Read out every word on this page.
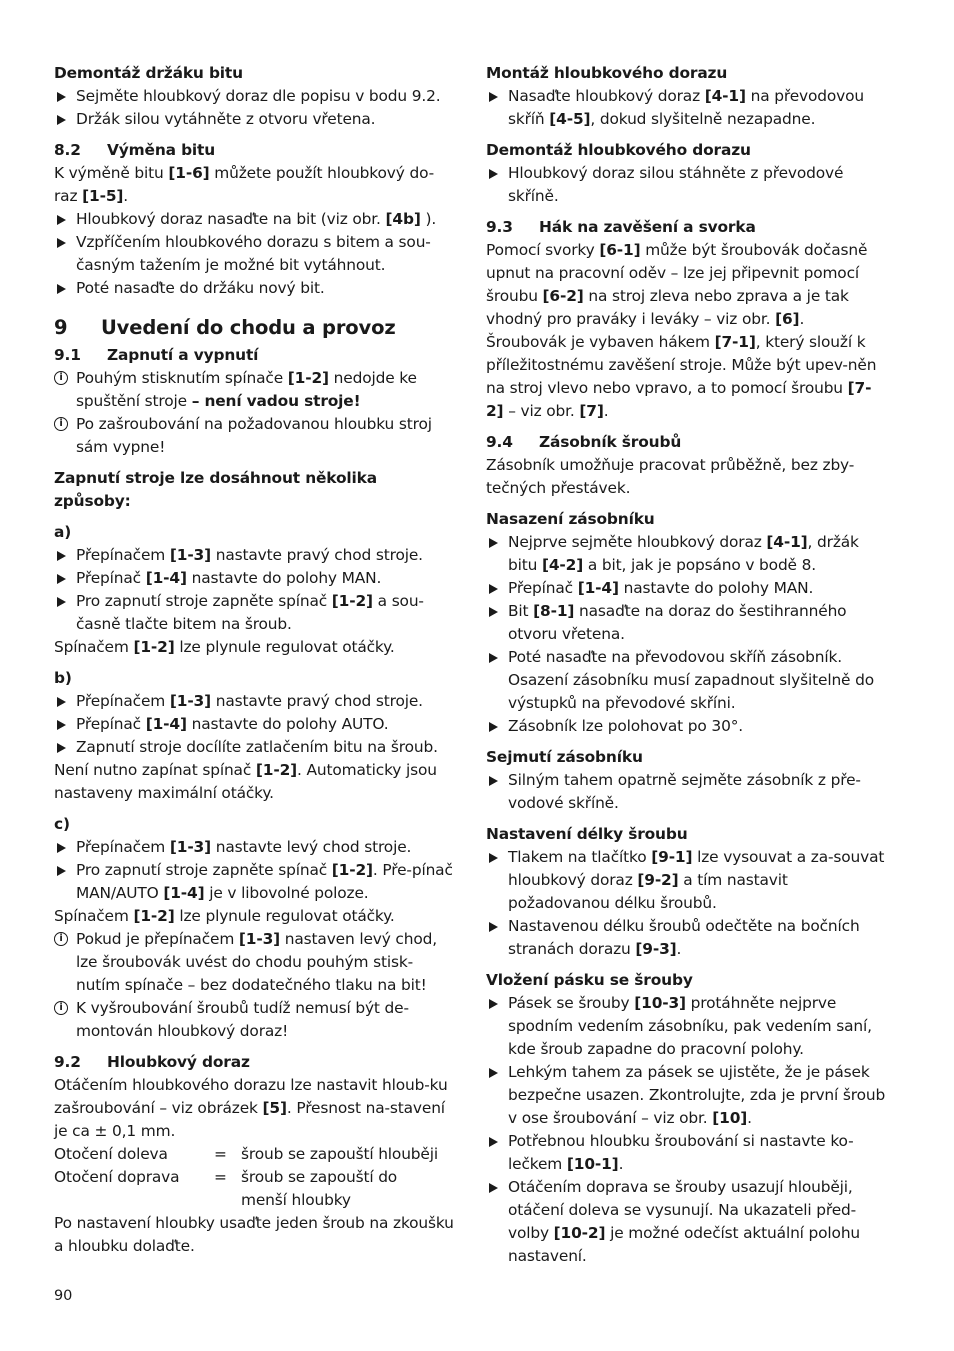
Demontáž držáku bitu
Sejměte hloubkový doraz dle popisu v bodu 9.2.
Držák silou vytáhněte z otvoru vřetena.
8.2 Výměna bitu
K výměně bitu [1-6] můžete použít hloubkový do-raz [1-5].
Hloubkový doraz nasaďte na bit (viz obr. [4b] ).
Vzpříčením hloubkového dorazu s bitem a sou-časným tažením je možné bit vytáhnout.
Poté nasaďte do držáku nový bit.
9 Uvedení do chodu a provoz
9.1 Zapnutí a vypnutí
i Pouhým stisknutím spínače [1-2] nedojde ke spuštění stroje – není vadou stroje!
i Po zašroubování na požadovanou hloubku stroj sám vypne!
Zapnutí stroje lze dosáhnout několika způsoby:
a)
Přepínačem [1-3] nastavte pravý chod stroje.
Přepínač [1-4] nastavte do polohy MAN.
Pro zapnutí stroje zapněte spínač [1-2] a sou-časně tlačte bitem na šroub.
Spínačem [1-2] lze plynule regulovat otáčky.
b)
Přepínačem [1-3] nastavte pravý chod stroje.
Přepínač [1-4] nastavte do polohy AUTO.
Zapnutí stroje docílíte zatlačením bitu na šroub.
Není nutno zapínat spínač [1-2]. Automaticky jsou nastaveny maximální otáčky.
c)
Přepínačem [1-3] nastavte levý chod stroje.
Pro zapnutí stroje zapněte spínač [1-2]. Pře-pínač MAN/AUTO [1-4] je v libovolné poloze.
Spínačem [1-2] lze plynule regulovat otáčky.
i Pokud je přepínačem [1-3] nastaven levý chod, lze šroubovák uvést do chodu pouhým stisk-nutím spínače – bez dodatečného tlaku na bit!
i K vyšroubování šroubů tudíž nemusí být de-montován hloubkový doraz!
9.2 Hloubkový doraz
Otáčením hloubkového dorazu lze nastavit hloub-ku zašroubování – viz obrázek [5]. Přesnost na-stavení je ca ± 0,1 mm.
Otočení doleva	= šroub se zapouští hlouběji
Otočení doprava	= šroub se zapouští do menší hloubky
Po nastavení hloubky usaďte jeden šroub na zkoušku a hloubku dolaďte.
Montáž hloubkového dorazu
Nasaďte hloubkový doraz [4-1] na převodovou skříň [4-5], dokud slyšitelně nezapadne.
Demontáž hloubkového dorazu
Hloubkový doraz silou stáhněte z převodové skříně.
9.3 Hák na zavěšení a svorka
Pomocí svorky [6-1] může být šroubovák dočasně upnut na pracovní oděv – lze jej připevnit pomocí šroubu [6-2] na stroj zleva nebo zprava a je tak vhodný pro praváky i leváky – viz obr. [6].
Šroubovák je vybaven hákem [7-1], který slouží k příležitostnému zavěšení stroje. Může být upev-něn na stroj vlevo nebo vpravo, a to pomocí šroubu [7-2] – viz obr. [7].
9.4 Zásobník šroubů
Zásobník umožňuje pracovat průběžně, bez zby-tečných přestávek.
Nasazení zásobníku
Nejprve sejměte hloubkový doraz [4-1], držák bitu [4-2] a bit, jak je popsáno v bodě 8.
Přepínač [1-4] nastavte do polohy MAN.
Bit [8-1] nasaďte na doraz do šestihranného otvoru vřetena.
Poté nasaďte na převodovou skříň zásobník. Osazení zásobníku musí zapadnout slyšitelně do výstupků na převodové skříni.
Zásobník lze polohovat po 30°.
Sejmutí zásobníku
Silným tahem opatrně sejměte zásobník z pře-vodové skříně.
Nastavení délky šroubu
Tlakem na tlačítko [9-1] lze vysouvat a za-souvat hloubkový doraz [9-2] a tím nastavit požadovanou délku šroubů.
Nastavenou délku šroubů odečtěte na bočních stranách dorazu [9-3].
Vložení pásku se šrouby
Pásek se šrouby [10-3] protáhněte nejprve spodním vedením zásobníku, pak vedením saní, kde šroub zapadne do pracovní polohy.
Lehkým tahem za pásek se ujistěte, že je pásek bezpečne usazen. Zkontrolujte, zda je první šroub v ose šroubování – viz obr. [10].
Potřebnou hloubku šroubování si nastavte ko-lečkem [10-1].
Otáčením doprava se šrouby usazují hlouběji, otáčení doleva se vysunují. Na ukazateli před-volby [10-2] je možné odečíst aktuální polohu nastavení.
90
